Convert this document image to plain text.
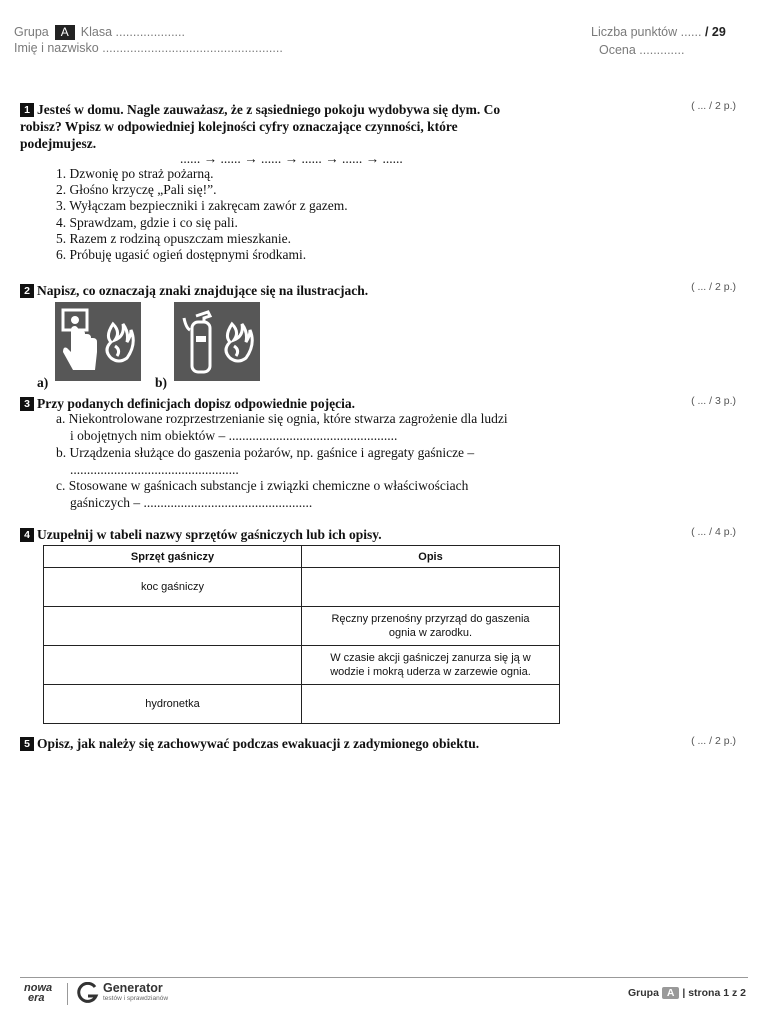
Grupa A Klasa ....................
Imię i nazwisko ....................................................
Liczba punktów ...... / 29
Ocena .............
( ... / 2 p.)
1 Jesteś w domu. Nagle zauważasz, że z sąsiedniego pokoju wydobywa się dym. Co
robisz? Wpisz w odpowiedniej kolejności cyfry oznaczające czynności, które
podejmujesz.
...... → ...... → ...... → ...... → ...... → ......
1. Dzwonię po straż pożarną.
2. Głośno krzyczę „Pali się!”.
3. Wyłączam bezpieczniki i zakręcam zawór z gazem.
4. Sprawdzam, gdzie i co się pali.
5. Razem z rodziną opuszczam mieszkanie.
6. Próbuję ugasić ogień dostępnymi środkami.
( ... / 2 p.)
2 Napisz, co oznaczają znaki znajdujące się na ilustracjach.
a)	b)
( ... / 3 p.)
3 Przy podanych definicjach dopisz odpowiednie pojęcia.
a. Niekontrolowane rozprzestrzenianie się ognia, które stwarza zagrożenie dla ludzi
i obojętnych nim obiektów – ..................................................
b. Urządzenia służące do gaszenia pożarów, np. gaśnice i agregaty gaśnicze –
..................................................
c. Stosowane w gaśnicach substancje i związki chemiczne o właściwościach
gaśniczych – ..................................................
( ... / 4 p.)
4 Uzupełnij w tabeli nazwy sprzętów gaśniczych lub ich opisy.
Sprzęt gaśniczy	Opis
koc gaśniczy	
	Ręczny przenośny przyrząd do gaszenia ognia w zarodku.
	W czasie akcji gaśniczej zanurza się ją w wodzie i mokrą uderza w zarzewie ognia.
hydronetka	
( ... / 2 p.)
5 Opisz, jak należy się zachowywać podczas ewakuacji z zadymionego obiektu.
nowa
era
Generator
testów i sprawdzianów	Grupa A | strona 1 z 2
